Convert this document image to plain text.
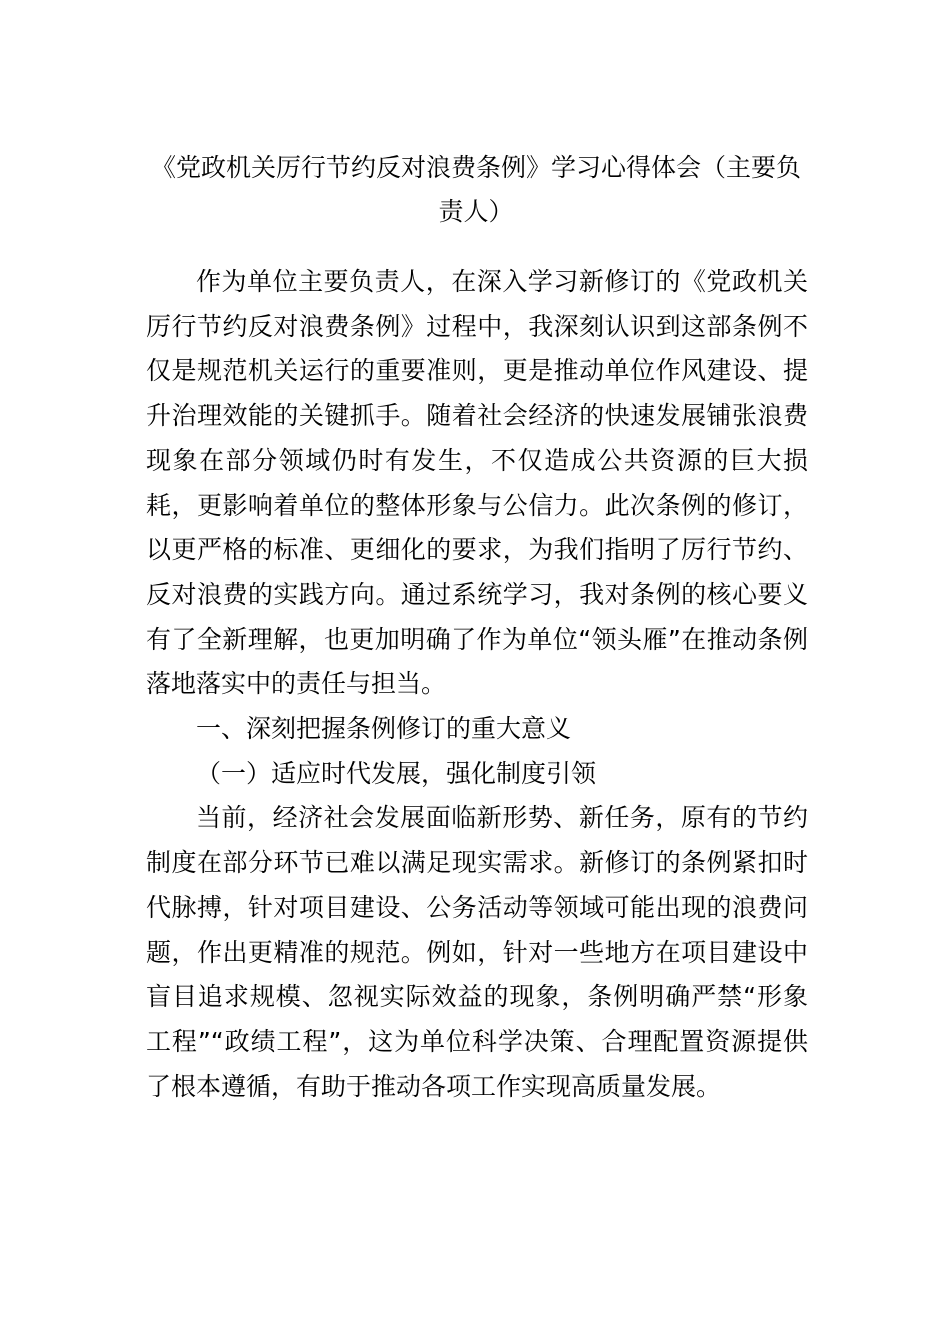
《党政机关厉行节约反对浪费条例》学习心得体会（主要负责人）

作为单位主要负责人，在深入学习新修订的《党政机关厉行节约反对浪费条例》过程中，我深刻认识到这部条例不仅是规范机关运行的重要准则，更是推动单位作风建设、提升治理效能的关键抓手。随着社会经济的快速发展铺张浪费现象在部分领域仍时有发生，不仅造成公共资源的巨大损耗，更影响着单位的整体形象与公信力。此次条例的修订，以更严格的标准、更细化的要求，为我们指明了厉行节约、反对浪费的实践方向。通过系统学习，我对条例的核心要义有了全新理解，也更加明确了作为单位“领头雁”在推动条例落地落实中的责任与担当。

一、深刻把握条例修订的重大意义

（一）适应时代发展，强化制度引领

当前，经济社会发展面临新形势、新任务，原有的节约制度在部分环节已难以满足现实需求。新修订的条例紧扣时代脉搏，针对项目建设、公务活动等领域可能出现的浪费问题，作出更精准的规范。例如，针对一些地方在项目建设中盲目追求规模、忽视实际效益的现象，条例明确严禁“形象工程”“政绩工程”，这为单位科学决策、合理配置资源提供了根本遵循，有助于推动各项工作实现高质量发展。
